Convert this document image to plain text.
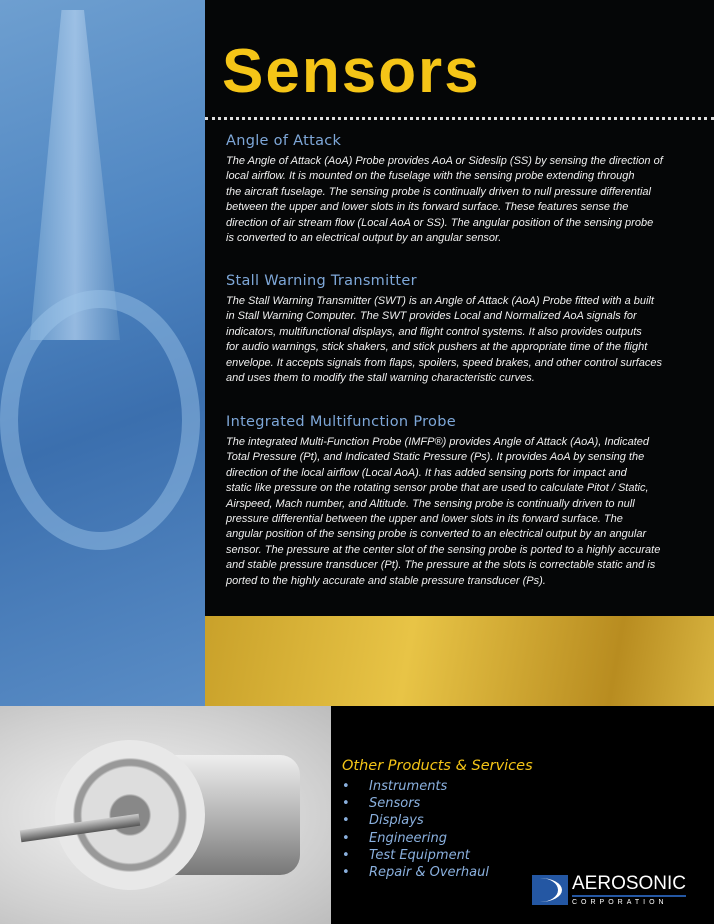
Sensors
Angle of Attack

The Angle of Attack (AoA) Probe provides AoA or Sideslip (SS) by sensing the direction of
local airflow. It is mounted on the fuselage with the sensing probe extending through
the aircraft fuselage. The sensing probe is continually driven to null pressure differential
between the upper and lower slots in its forward surface. These features sense the
direction of air stream flow (Local AoA or SS). The angular position of the sensing probe
is converted to an electrical output by an angular sensor.

Stall Warning Transmitter

The Stall Warning Transmitter (SWT) is an Angle of Attack (AoA) Probe fitted with a built
in Stall Warning Computer. The SWT provides Local and Normalized AoA signals for
indicators, multifunctional displays, and flight control systems. It also provides outputs
for audio warnings, stick shakers, and stick pushers at the appropriate time of the flight
envelope. It accepts signals from flaps, spoilers, speed brakes, and other control surfaces
and uses them to modify the stall warning characteristic curves.

Integrated Multifunction Probe

The integrated Multi-Function Probe (IMFP®) provides Angle of Attack (AoA), Indicated
Total Pressure (Pt), and Indicated Static Pressure (Ps). It provides AoA by sensing the
direction of the local airflow (Local AoA). It has added sensing ports for impact and
static like pressure on the rotating sensor probe that are used to calculate Pitot / Static,
Airspeed, Mach number, and Altitude. The sensing probe is continually driven to null
pressure differential between the upper and lower slots in its forward surface. The
angular position of the sensing probe is converted to an electrical output by an angular
sensor. The pressure at the center slot of the sensing probe is ported to a highly accurate
and stable pressure transducer (Pt). The pressure at the slots is correctable static and is
ported to the highly accurate and stable pressure transducer (Ps).

Other Products & Services
• Instruments
• Sensors
• Displays
• Engineering
• Test Equipment
• Repair & Overhaul
AEROSONIC
CORPORATION
